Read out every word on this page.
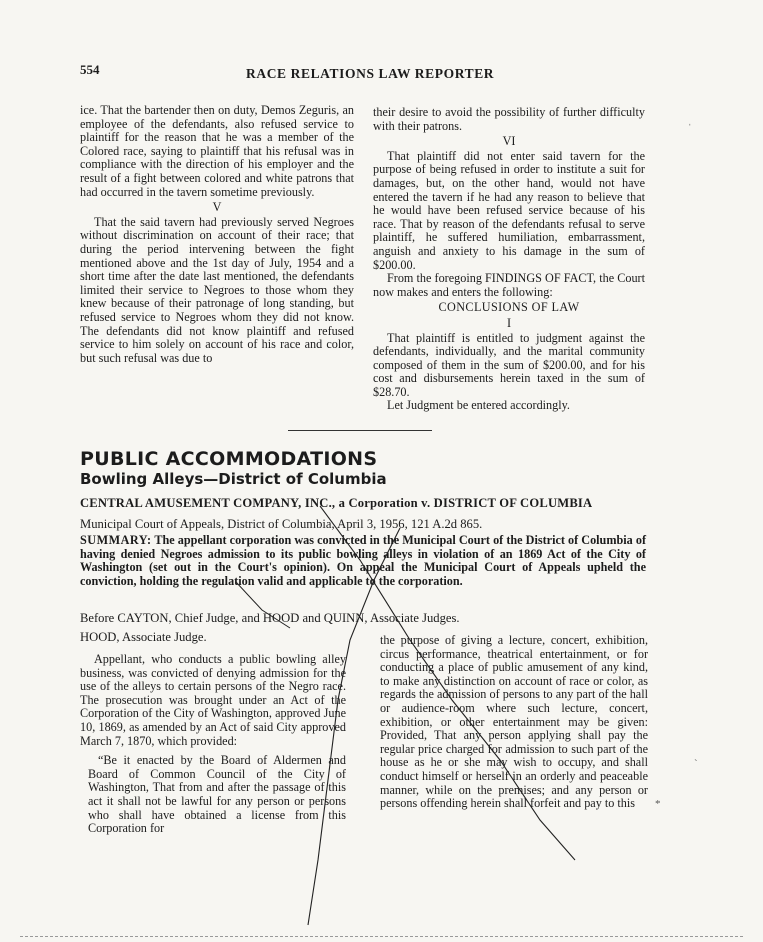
554	RACE RELATIONS LAW REPORTER

ice. That the bartender then on duty, Demos Zeguris, an employee of the defendants, also refused service to plaintiff for the reason that he was a member of the Colored race, saying to plaintiff that his refusal was in compliance with the direction of his employer and the result of a fight between colored and white patrons that had occurred in the tavern sometime previously.

V

That the said tavern had previously served Negroes without discrimination on account of their race; that during the period intervening between the fight mentioned above and the 1st day of July, 1954 and a short time after the date last mentioned, the defendants limited their service to Negroes to those whom they knew because of their patronage of long standing, but refused service to Negroes whom they did not know. The defendants did not know plaintiff and refused service to him solely on account of his race and color, but such refusal was due to

their desire to avoid the possibility of further difficulty with their patrons.

VI

That plaintiff did not enter said tavern for the purpose of being refused in order to institute a suit for damages, but, on the other hand, would not have entered the tavern if he had any reason to believe that he would have been refused service because of his race. That by reason of the defendants refusal to serve plaintiff, he suffered humiliation, embarrassment, anguish and anxiety to his damage in the sum of $200.00.

From the foregoing FINDINGS OF FACT, the Court now makes and enters the following:

CONCLUSIONS OF LAW
I

That plaintiff is entitled to judgment against the defendants, individually, and the marital community composed of them in the sum of $200.00, and for his cost and disbursements herein taxed in the sum of $28.70.

Let Judgment be entered accordingly.

PUBLIC ACCOMMODATIONS
Bowling Alleys—District of Columbia
CENTRAL AMUSEMENT COMPANY, INC., a Corporation v. DISTRICT OF COLUMBIA
Municipal Court of Appeals, District of Columbia, April 3, 1956, 121 A.2d 865.
SUMMARY: The appellant corporation was convicted in the Municipal Court of the District of Columbia of having denied Negroes admission to its public bowling alleys in violation of an 1869 Act of the City of Washington (set out in the Court's opinion). On appeal the Municipal Court of Appeals upheld the conviction, holding the regulation valid and applicable to the corporation.
Before CAYTON, Chief Judge, and HOOD and QUINN, Associate Judges.
HOOD, Associate Judge.

Appellant, who conducts a public bowling alley business, was convicted of denying admission for the use of the alleys to certain persons of the Negro race. The prosecution was brought under an Act of the Corporation of the City of Washington, approved June 10, 1869, as amended by an Act of said City approved March 7, 1870, which provided:

“Be it enacted by the Board of Aldermen and Board of Common Council of the City of Washington, That from and after the passage of this act it shall not be lawful for any person or persons who shall have obtained a license from this Corporation for

the purpose of giving a lecture, concert, exhibition, circus performance, theatrical entertainment, or for conducting a place of public amusement of any kind, to make any distinction on account of race or color, as regards the admission of persons to any part of the hall or audience-room where such lecture, concert, exhibition, or other entertainment may be given: Provided, That any person applying shall pay the regular price charged for admission to such part of the house as he or she may wish to occupy, and shall conduct himself or herself in an orderly and peaceable manner, while on the premises; and any person or persons offending herein shall forfeit and pay to this

ˈ
ˋ
*
